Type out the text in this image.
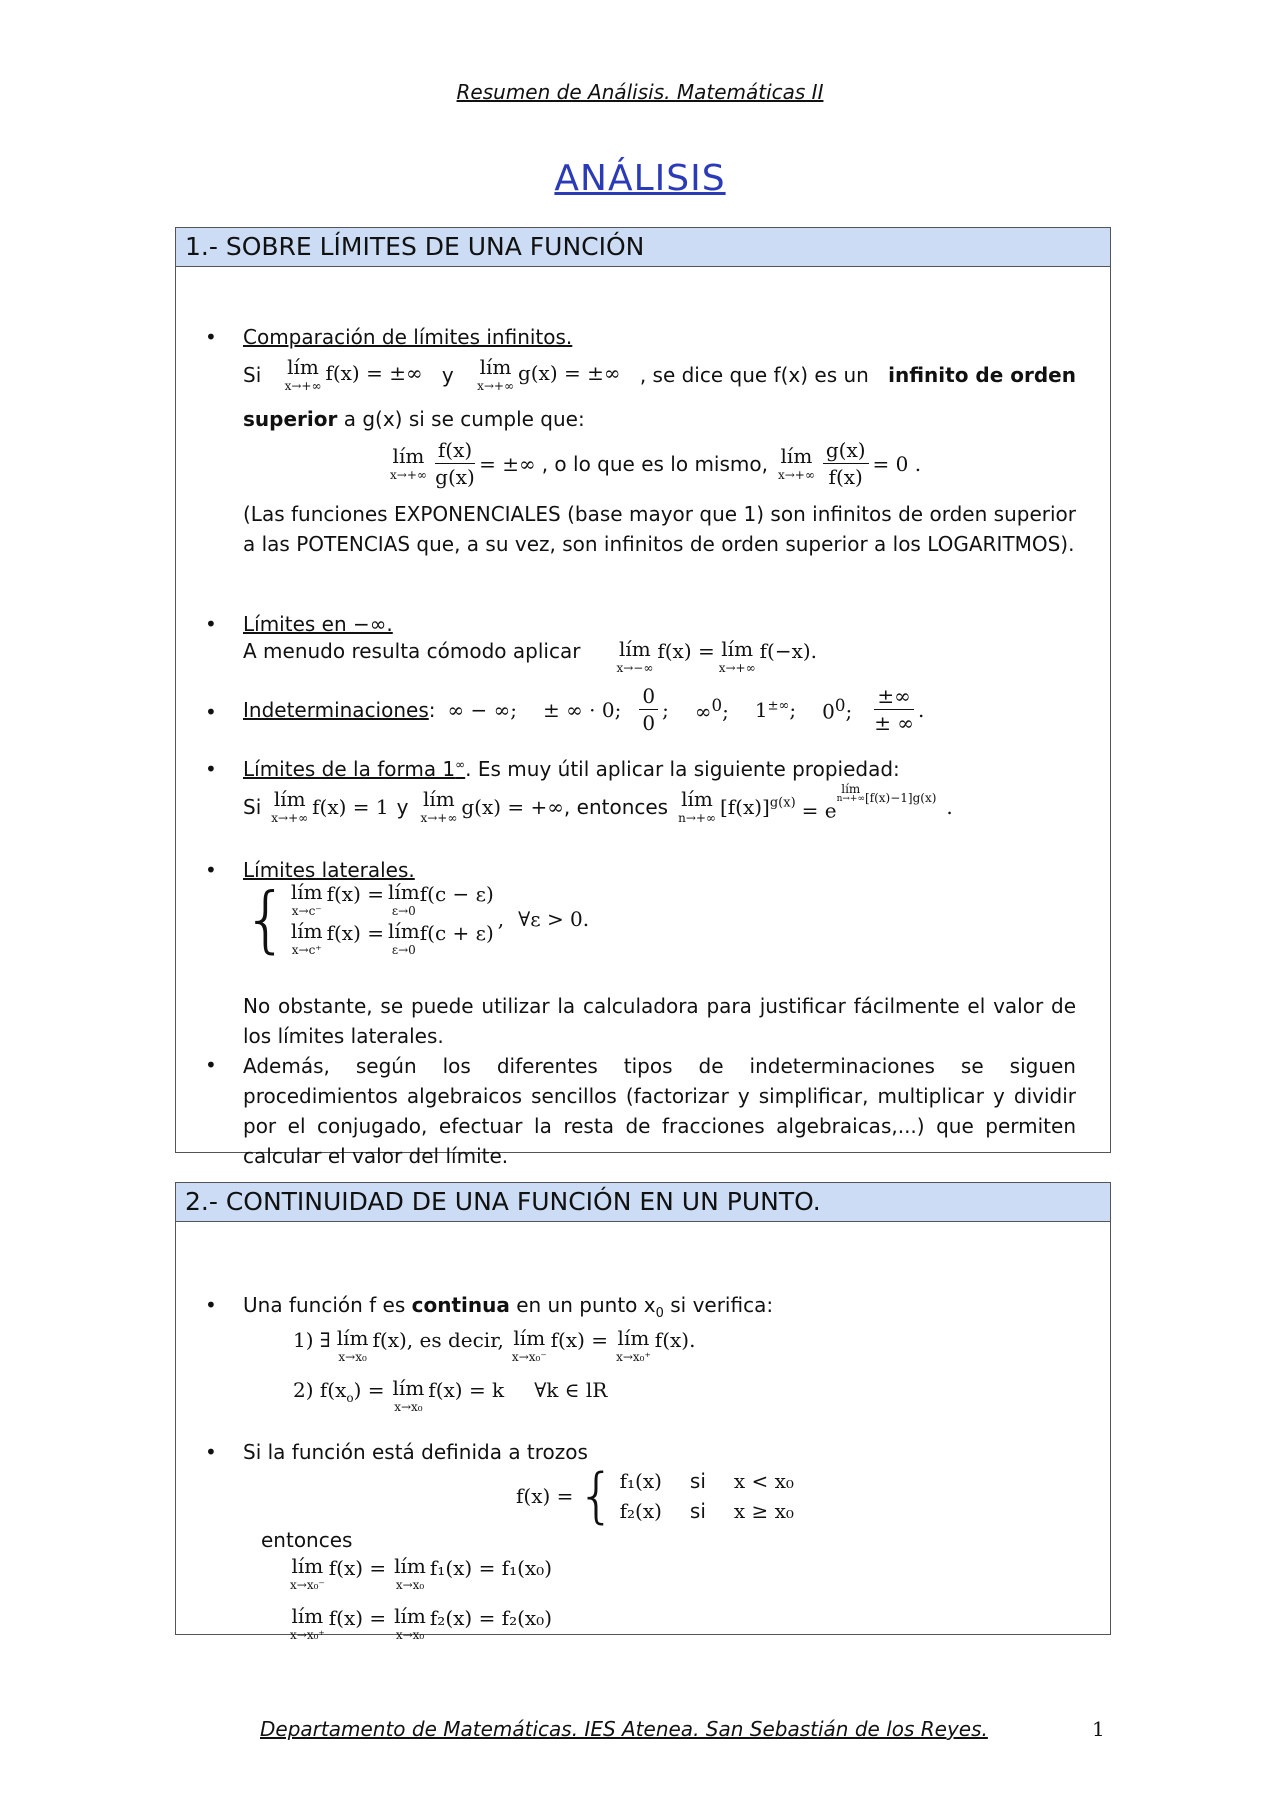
Resumen de Análisis. Matemáticas II
ANÁLISIS
1.- SOBRE LÍMITES DE UNA FUNCIÓN
• Comparación de límites infinitos.
Si lím
x→+∞
f(x) = ±∞ y lím
x→+∞
g(x) = ±∞ , se dice que f(x) es un infinito de orden
superior a g(x) si se cumple que:
lím
$x\to+\infty \frac{f(x)}{g(x)}$ = ±∞ , o lo que es lo mismo, lím
$x\to+\infty \frac{g(x)}{f(x)} = 0$ .
(Las funciones EXPONENCIALES (base mayor que 1) son infinitos de orden superior a las POTENCIAS que, a su vez, son infinitos de orden superior a los LOGARITMOS).
• Límites en −∞.
A menudo resulta cómodo aplicar lím
x→−∞
f(x) = lím
x→+∞
f(−x).
• Indeterminaciones : ∞ − ∞; ± ∞ · 0; $\frac{0}{0}$ ; ∞$^0$; 1±∞; $0^0$; $\frac{\pm\infty}{\pm \infty}$ .
• Límites de la forma 1∞. Es muy útil aplicar la siguiente propiedad:
Si lím
x→+∞ f(x) = 1 y lím
x→+∞ g(x) = +∞ , entonces lím
n→+∞ $[f(x)]^{g(x)} = e$
$^{lím n\to+\infty [f(x)-1]g(x)}$ .
• Límites laterales.
{ lím
x→c⁻
f(x) = lím
ε→0
f(c − ε)
lím
x→c⁺
f(x) = lím
ε→0
f(c + ε)
, ∀ε > 0.
No obstante, se puede utilizar la calculadora para justificar fácilmente el valor de los límites laterales.
• Además, según los diferentes tipos de indeterminaciones se siguen procedimientos algebraicos sencillos (factorizar y simplificar, multiplicar y dividir por el conjugado, efectuar la resta de fracciones algebraicas,...) que permiten calcular el valor del límite.
2.- CONTINUIDAD DE UNA FUNCIÓN EN UN PUNTO.
• Una función f es continua en un punto $x_0$ si verifica:
1) ∃ lím
x→x₀
f(x), es decir, lím
x→x₀⁻
f(x) = lím
x→x₀⁺
f(x).
2) $f(x_o)$ = lím
x→x₀
f(x) = k ∀k ∈ lR
• Si la función está definida a trozos
f(x) = { f₁(x) si x < x₀
f₂(x) si x ≥ x₀
entonces
lím
x→x₀⁻
f(x) = lím
x→x₀
f₁(x) = f₁(x₀)
lím
x→x₀⁺
f(x) = lím
x→x₀
f₂(x) = f₂(x₀)
Departamento de Matemáticas. IES Atenea. San Sebastián de los Reyes.	1
